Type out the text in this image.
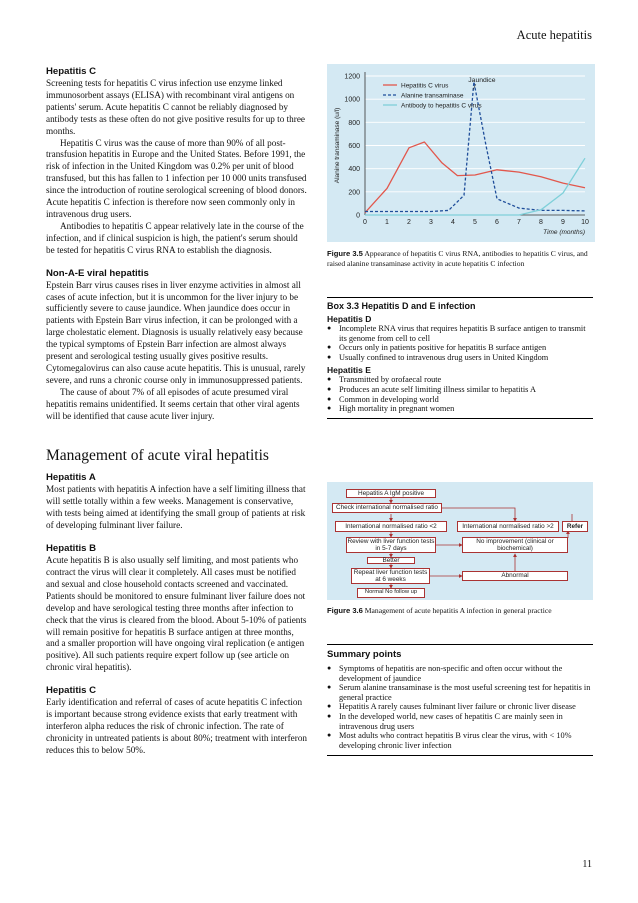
Acute hepatitis
Hepatitis C

Screening tests for hepatitis C virus infection use enzyme linked immunosorbent assays (ELISA) with recombinant viral antigens on patients' serum. Acute hepatitis C cannot be reliably diagnosed by antibody tests as these often do not give positive results for up to three months.

Hepatitis C virus was the cause of more than 90% of all post-transfusion hepatitis in Europe and the United States. Before 1991, the risk of infection in the United Kingdom was 0.2% per unit of blood transfused, but this has fallen to 1 infection per 10 000 units transfused since the introduction of routine serological screening of blood donors. Acute hepatitis C infection is therefore now seen commonly only in intravenous drug users.

Antibodies to hepatitis C appear relatively late in the course of the infection, and if clinical suspicion is high, the patient's serum should be tested for hepatitis C virus RNA to establish the diagnosis.

Non-A-E viral hepatitis

Epstein Barr virus causes rises in liver enzyme activities in almost all cases of acute infection, but it is uncommon for the liver injury to be sufficiently severe to cause jaundice. When jaundice does occur in patients with Epstein Barr virus infection, it can be prolonged with a large cholestatic element. Diagnosis is usually relatively easy because the typical symptoms of Epstein Barr infection are almost always present and serological testing usually gives positive results. Cytomegalovirus can also cause acute hepatitis. This is unusual, rarely severe, and runs a chronic course only in immunosuppressed patients.

The cause of about 7% of all episodes of acute presumed viral hepatitis remains unidentified. It seems certain that other viral agents will be identified that cause acute liver injury.

Management of acute viral hepatitis
Hepatitis A

Most patients with hepatitis A infection have a self limiting illness that will settle totally within a few weeks. Management is conservative, with tests being aimed at identifying the small group of patients at risk of developing fulminant liver failure.

Hepatitis B

Acute hepatitis B is also usually self limiting, and most patients who contract the virus will clear it completely. All cases must be notified and sexual and close household contacts screened and vaccinated. Patients should be monitored to ensure fulminant liver failure does not develop and have serological testing three months after infection to check that the virus is cleared from the blood. About 5-10% of patients will remain positive for hepatitis B surface antigen at three months, and a smaller proportion will have ongoing viral replication (e antigen positive). All such patients require expert follow up (see article on chronic viral hepatitis).

Hepatitis C

Early identification and referral of cases of acute hepatitis C infection is important because strong evidence exists that early treatment with interferon alpha reduces the risk of chronic infection. The rate of chronicity in untreated patients is about 80%; treatment with interferon reduces this to below 50%.

0
200
400
600
800
1000
1200
0	1	2	3	4	5	6	7	8	9 10
Alanine transaminase (u/l)
Time (months)
Hepatitis C virus
Alanine transaminase
Antibody to hepatitis C virus
Jaundice
Figure 3.5 Appearance of hepatitis C virus RNA, antibodies to hepatitis C virus, and raised alanine transaminase activity in acute hepatitis C infection
Box 3.3 Hepatitis D and E infection
Hepatitis D
● Incomplete RNA virus that requires hepatitis B surface antigen to transmit its genome from cell to cell
● Occurs only in patients positive for hepatitis B surface antigen
● Usually confined to intravenous drug users in United Kingdom
Hepatitis E
● Transmitted by orofaecal route
● Produces an acute self limiting illness similar to hepatitis A
● Common in developing world
● High mortality in pregnant women
Hepatitis A IgM positive
Check international normalised ratio
International normalised ratio <2	International normalised ratio >2	Refer
Review with liver function tests in 5-7 days
No improvement (clinical or biochemical)
Better
Repeat liver function tests at 6 weeks
Abnormal
Normal No follow up
Figure 3.6 Management of acute hepatitis A infection in general practice
Summary points
● Symptoms of hepatitis are non-specific and often occur without the development of jaundice
● Serum alanine transaminase is the most useful screening test for hepatitis in general practice
● Hepatitis A rarely causes fulminant liver failure or chronic liver disease
● In the developed world, new cases of hepatitis C are mainly seen in intravenous drug users
● Most adults who contract hepatitis B virus clear the virus, with < 10% developing chronic liver infection
11
